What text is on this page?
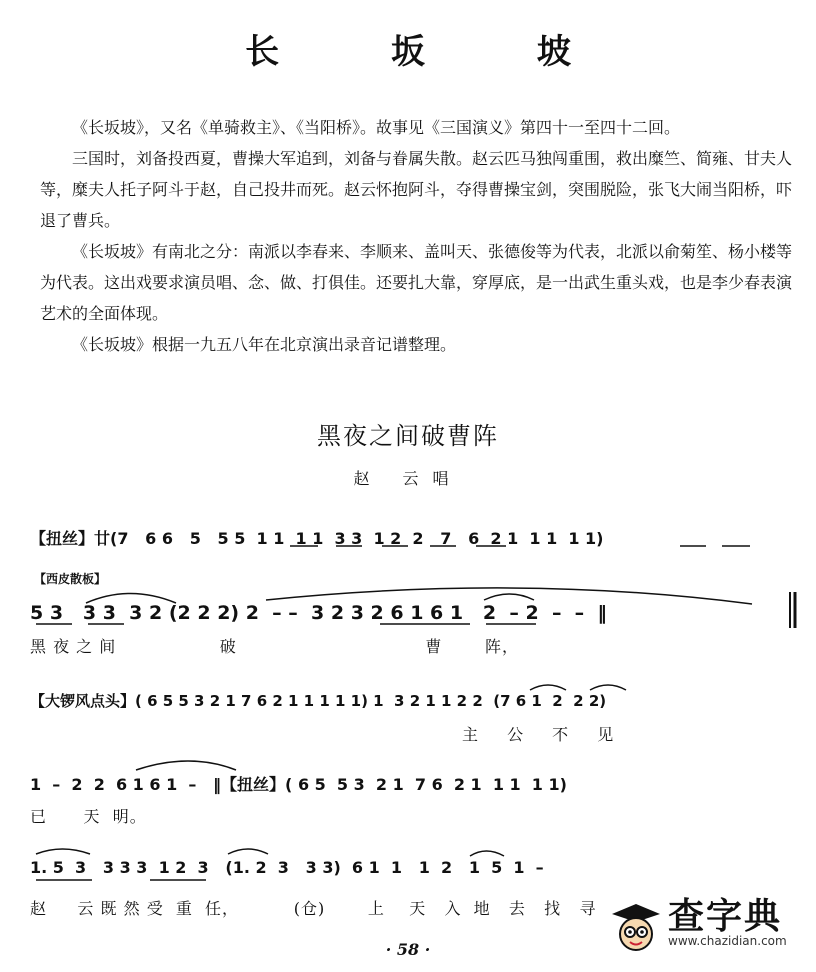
长 坂 坡

《长坂坡》，又名《单骑救主》、《当阳桥》。故事见《三国演义》第四十一至四十二回。

三国时，刘备投西夏，曹操大军追到，刘备与眷属失散。赵云匹马独闯重围，救出糜竺、简雍、甘夫人等，糜夫人托子阿斗于赵，自己投井而死。赵云怀抱阿斗，夺得曹操宝剑，突围脱险，张飞大闹当阳桥，吓退了曹兵。

《长坂坡》有南北之分：南派以李春来、李顺来、盖叫天、张德俊等为代表，北派以俞菊笙、杨小楼等为代表。这出戏要求演员唱、念、做、打俱佳。还要扎大靠，穿厚底，是一出武生重头戏，也是李少春表演艺术的全面体现。

《长坂坡》根据一九五八年在北京演出录音记谱整理。

黑夜之间破曹阵
赵 云唱
【扭丝】廿(7   6 6   5   5 5  1 1  1 1  3 3  1 2  2   7   6  2 1  1 1  1 1)
【西皮散板】
5 3   3 3  3 2 (2 2 2) 2  – –  3 2 3 2 6 1 6 1   2  – 2  –  –  ‖
黑 夜 之 间                 破                               曹       阵，
【大锣风点头】( 6 5 5 3 2 1 7 6 2 1 1 1 1 1) 1  3 2 1 1 2 2  (7 6 1  2  2 2)
主 公 不 见
1  –  2  2  6 1 6 1  –   ‖【扭丝】( 6 5  5 3  2 1  7 6  2 1  1 1  1 1)
已      天  明。
1. 5  3   3 3 3  1 2  3   (1. 2  3   3 3)  6 1  1   1  2   1  5  1  –
赵     云 既 然 受  重  任，         (仓)       上    天   入  地   去   找   寻
· 58 ·
查字典
www.chazidian.com
